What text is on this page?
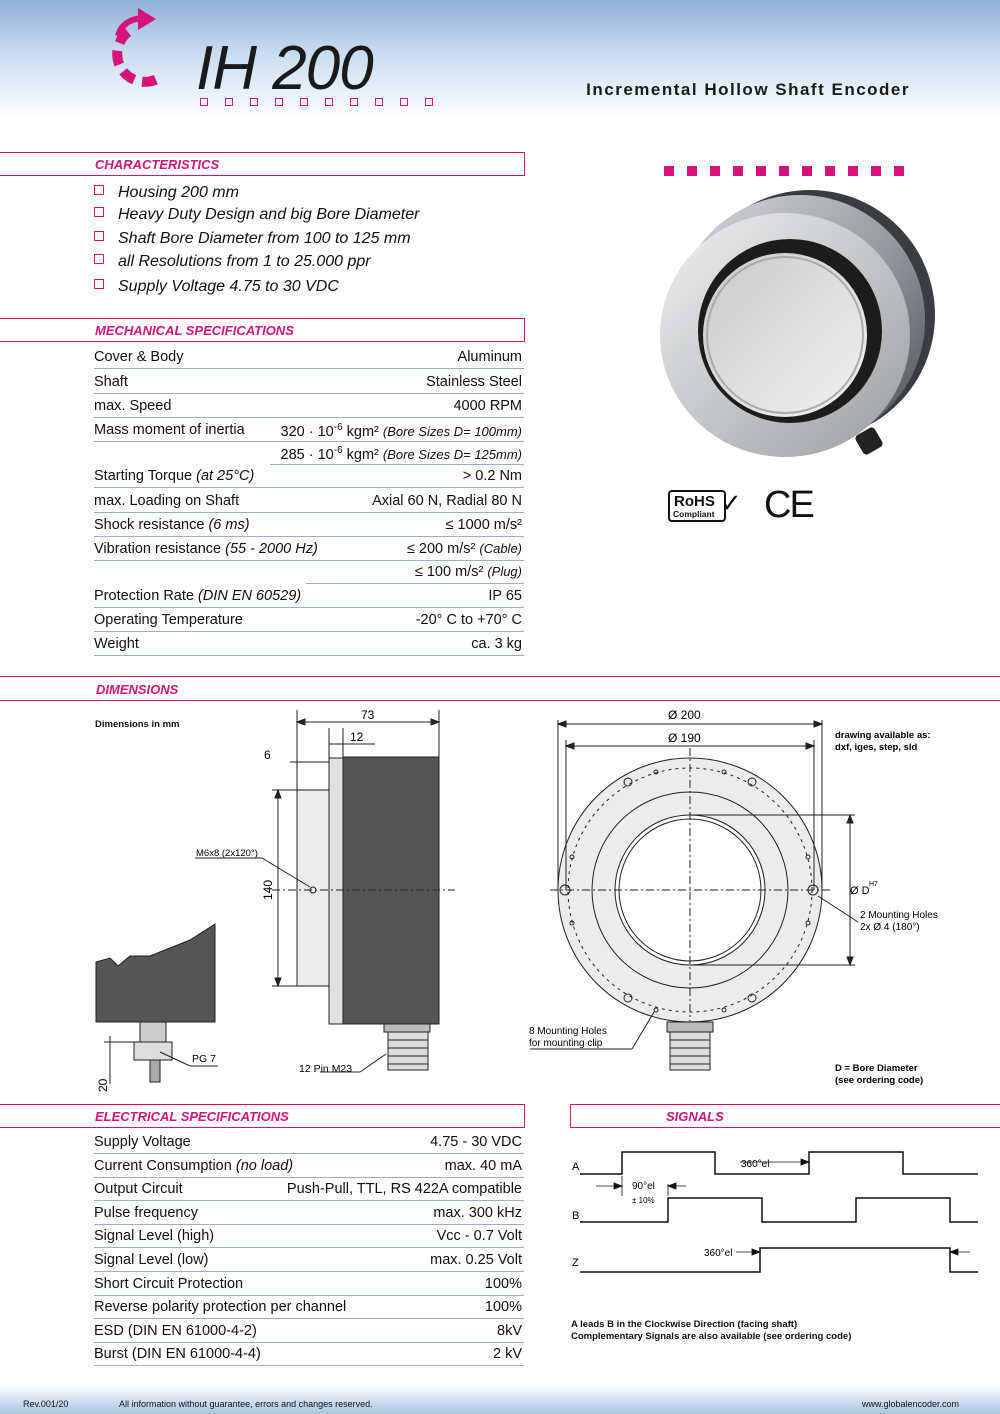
IH 200	Incremental Hollow Shaft Encoder
CHARACTERISTICS
Housing 200 mm
Heavy Duty Design and big Bore Diameter
Shaft Bore Diameter from 100 to 125 mm
all Resolutions from 1 to 25.000 ppr
Supply Voltage 4.75 to 30 VDC
RoHS
Compliant ✓ CE
MECHANICAL SPECIFICATIONS
Cover & Body	Aluminum
Shaft	Stainless Steel
max. Speed	4000 RPM
Mass moment of inertia $320 \cdot 10^{-6}$ kgm² (Bore Sizes D= 100mm)
$285 \cdot 10^{-6}$ kgm² (Bore Sizes D= 125mm)
Starting Torque (at 25°C)	> 0.2 Nm
max. Loading on Shaft	Axial 60 N, Radial 80 N
Shock resistance (6 ms)	≤ 1000 m/s²
Vibration resistance (55 - 2000 Hz)	≤ 200 m/s² (Cable)
≤ 100 m/s² (Plug)
Protection Rate (DIN EN 60529)	IP 65
Operating Temperature	-20° C to +70° C
Weight	ca. 3 kg
DIMENSIONS
Dimensions in mm
73
12
6
140
M6x8 (2x120°)
PG 7
12 Pin M23
20
Ø 200
Ø 190	drawing available as:
dxf, iges, step, sld
Ø D
H7
2 Mounting Holes
2x Ø 4 (180°)
8 Mounting Holes
for mounting clip
D = Bore Diameter
(see ordering code)
ELECTRICAL SPECIFICATIONS
Supply Voltage	4.75 - 30 VDC
Current Consumption (no load)	max. 40 mA
Output Circuit	Push-Pull, TTL, RS 422A compatible
Pulse frequency	max. 300 kHz
Signal Level (high)	Vcc - 0.7 Volt
Signal Level (low)	max. 0.25 Volt
Short Circuit Protection	100%
Reverse polarity protection per channel	100%
ESD (DIN EN 61000-4-2)	8kV
Burst (DIN EN 61000-4-4)	2 kV
SIGNALS
A
B
Z
360°el
90°el
± 10%
360°el
A leads B in the Clockwise Direction (facing shaft)
Complementary Signals are also available (see ordering code)
Rev.001/20	All information without guarantee, errors and changes reserved.	www.globalencoder.com
